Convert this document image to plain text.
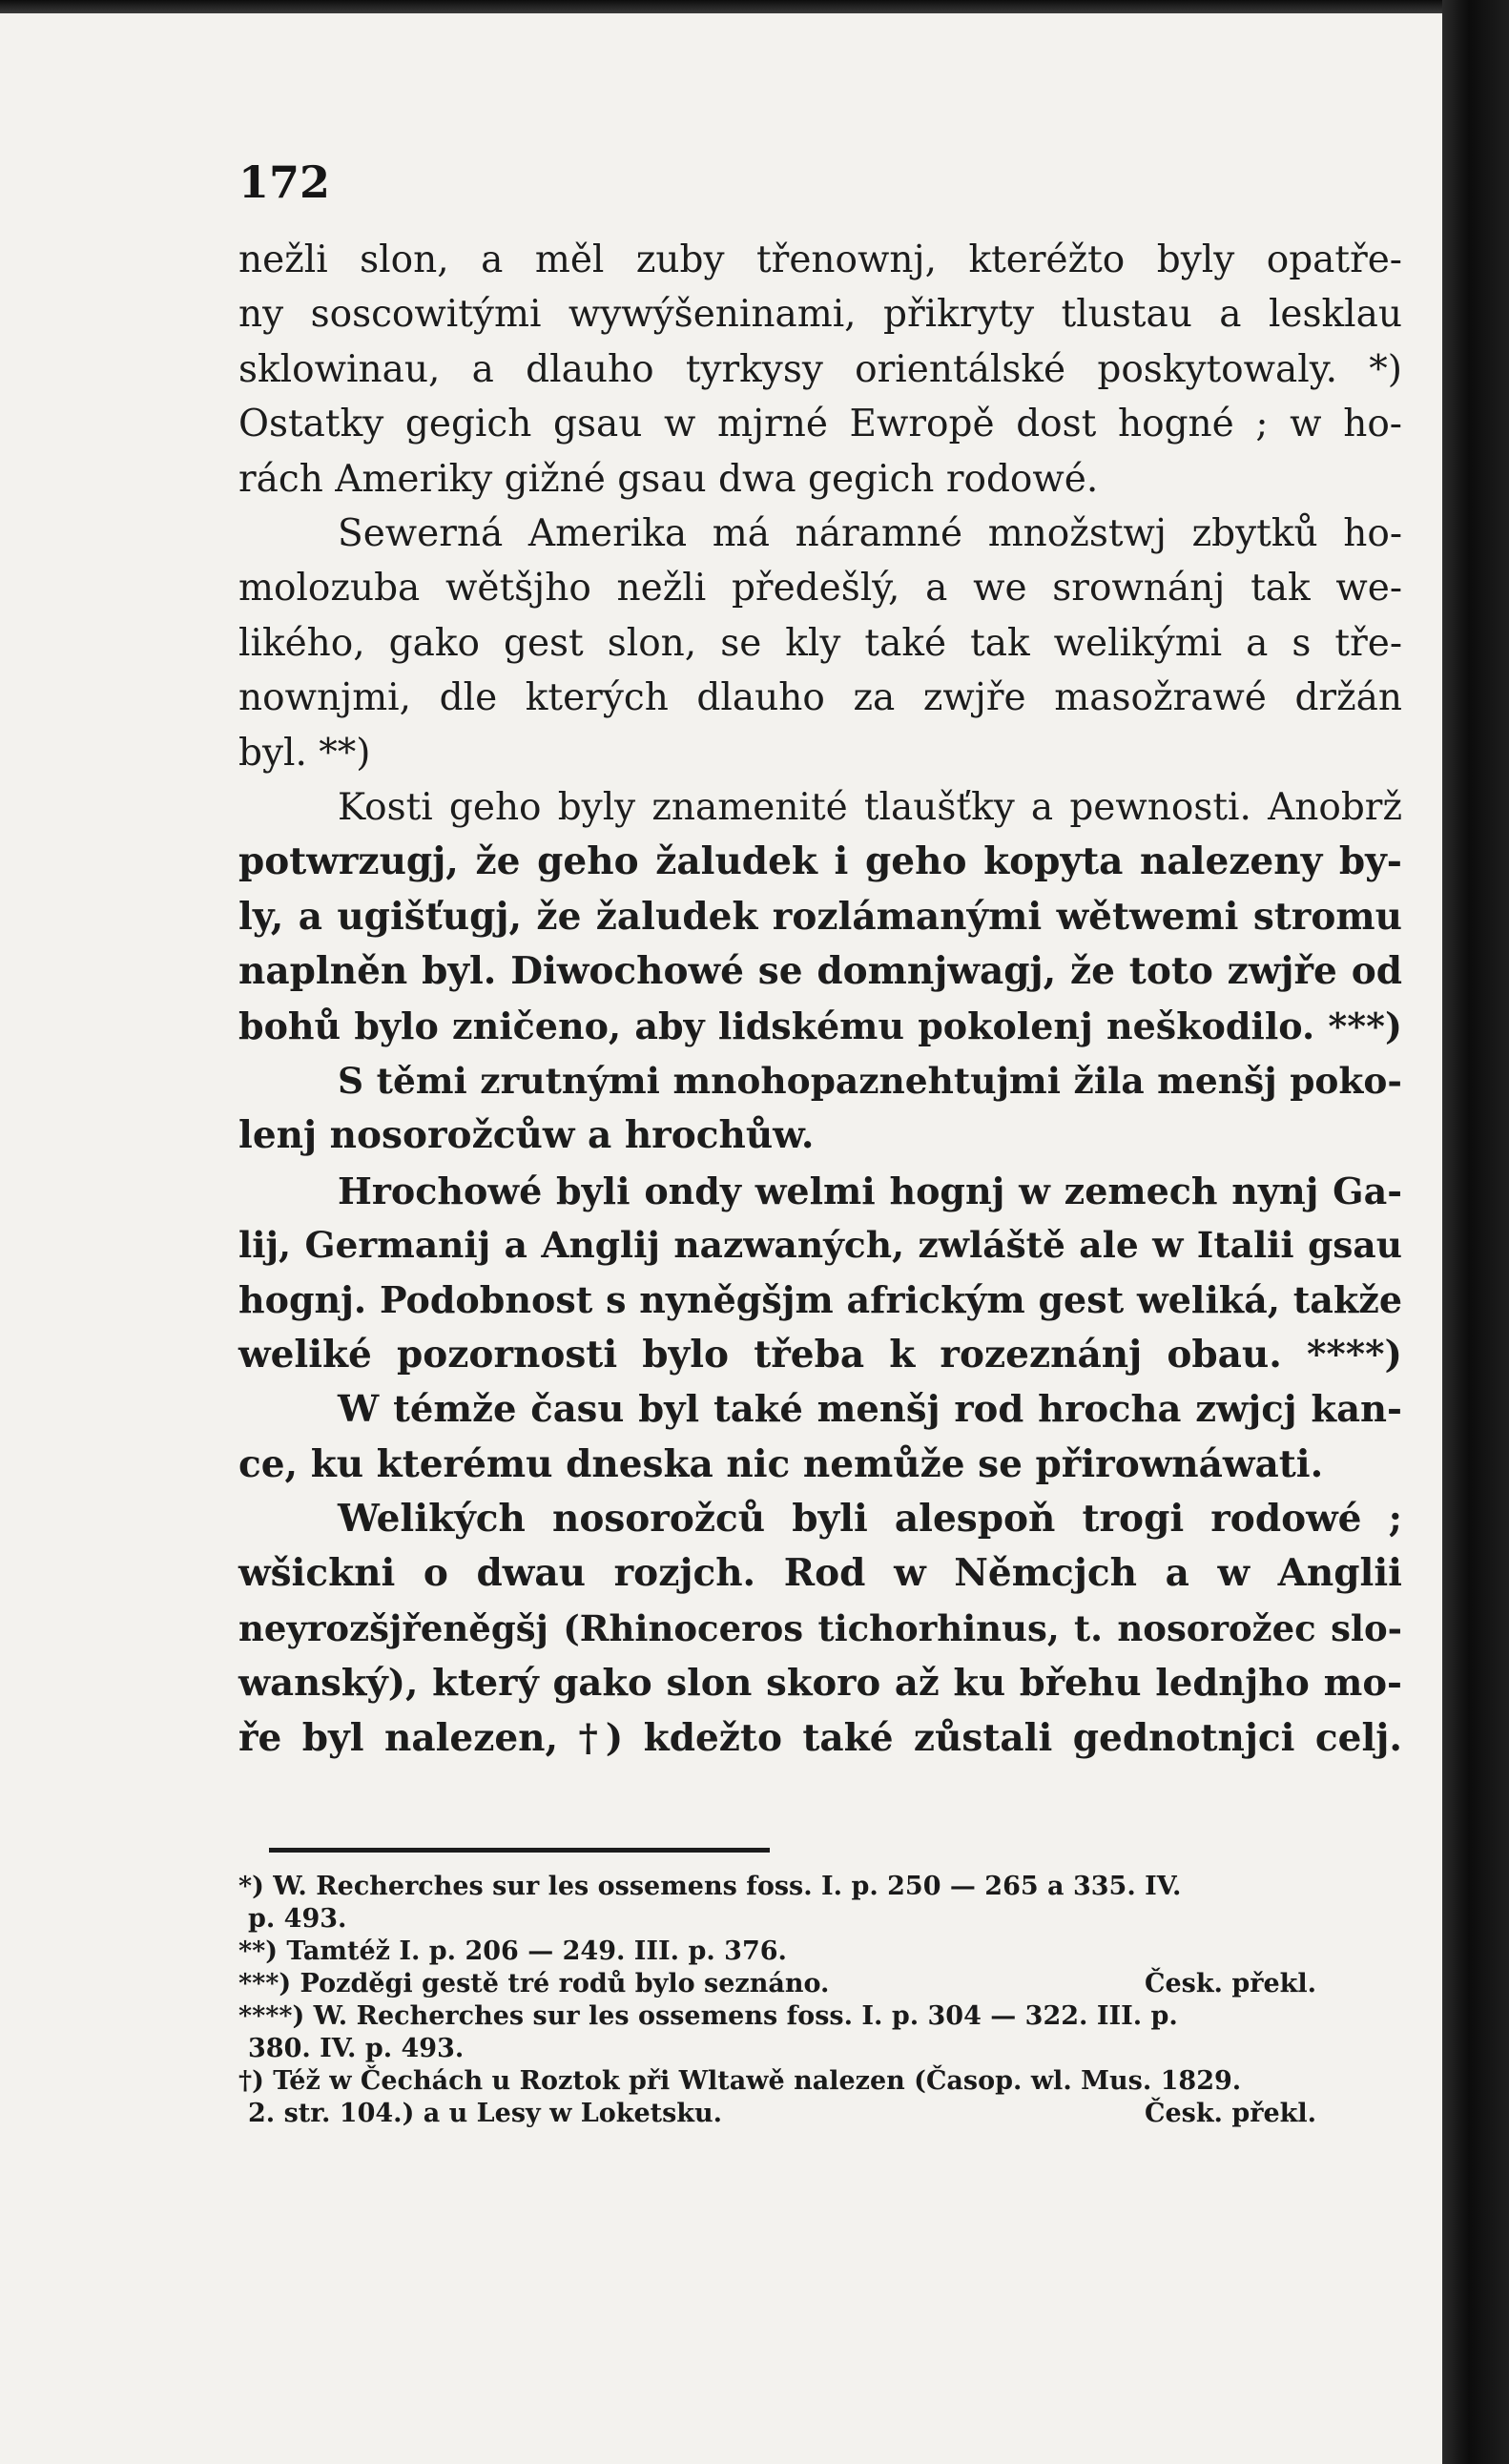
172
nežli slon, a měl zuby třenownj, kteréžto byly opatře-
ny soscowitými wywýšeninami, přikryty tlustau a lesklau
sklowinau, a dlauho tyrkysy orientálské poskytowaly. *)
Ostatky gegich gsau w mjrné Ewropě dost hogné ; w ho-
rách Ameriky gižné gsau dwa gegich rodowé.
Sewerná Amerika má náramné množstwj zbytků ho-
molozuba wětšjho nežli předešlý, a we srownánj tak we-
likého, gako gest slon, se kly také tak welikými a s tře-
nownjmi, dle kterých dlauho za zwjře masožrawé držán
byl. **)
Kosti geho byly znamenité tlaušťky a pewnosti. Anobrž
potwrzugj, že geho žaludek i geho kopyta nalezeny by-
ly, a ugišťugj, že žaludek rozlámanými wětwemi stromu
naplněn byl. Diwochowé se domnjwagj, že toto zwjře od
bohů bylo zničeno, aby lidskému pokolenj neškodilo. ***)
S těmi zrutnými mnohopaznehtujmi žila menšj poko-
lenj nosorožcůw a hrochůw.
Hrochowé byli ondy welmi hognj w zemech nynj Ga-
lij, Germanij a Anglij nazwaných, zwláště ale w Italii gsau
hognj. Podobnost s nyněgšjm africkým gest weliká, takže
weliké pozornosti bylo třeba k rozeznánj obau. ****)
W témže času byl také menšj rod hrocha zwjcj kan-
ce, ku kterému dneska nic nemůže se přirownáwati.
Welikých nosorožců byli alespoň trogi rodowé ;
wšickni o dwau rozjch. Rod w Němcjch a w Anglii
neyrozšjřeněgšj (Rhinoceros tichorhinus, t. nosorožec slo-
wanský), který gako slon skoro až ku břehu lednjho mo-
ře byl nalezen, †) kdežto také zůstali gednotnjci celj.
*) W. Recherches sur les ossemens foss. I. p. 250 — 265 a 335. IV.
p. 493.
**) Tamtéž I. p. 206 — 249. III. p. 376.
***) Pozděgi gestě tré rodů bylo seznáno.	Česk. překl.
****) W. Recherches sur les ossemens foss. I. p. 304 — 322. III. p.
380. IV. p. 493.
†) Též w Čechách u Roztok při Wltawě nalezen (Časop. wl. Mus. 1829.
2. str. 104.) a u Lesy w Loketsku.	Česk. překl.
